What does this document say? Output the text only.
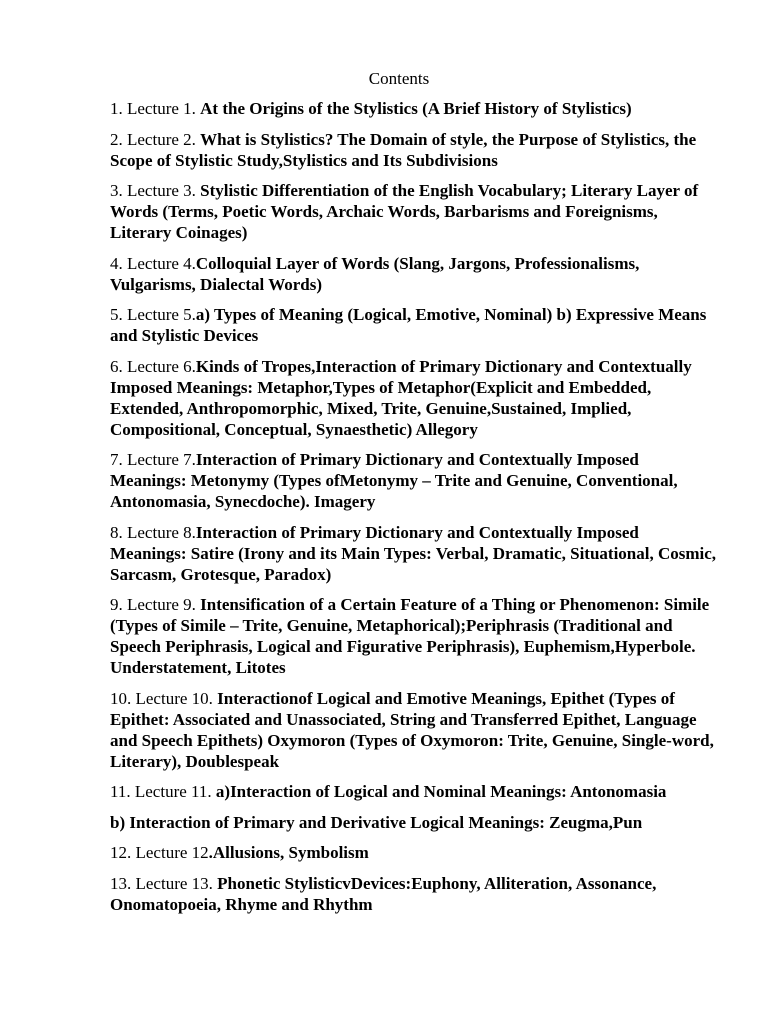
Contents
1. Lecture 1. At the Origins of the Stylistics (A Brief History of Stylistics)
2. Lecture 2. What is Stylistics? The Domain of style, the Purpose of Stylistics, the Scope of Stylistic Study,Stylistics and Its Subdivisions
3. Lecture 3. Stylistic Differentiation of the English Vocabulary; Literary Layer of Words (Terms, Poetic Words, Archaic Words, Barbarisms and Foreignisms, Literary Coinages)
4. Lecture 4.Colloquial Layer of Words (Slang, Jargons, Professionalisms, Vulgarisms, Dialectal Words)
5. Lecture 5.a) Types of Meaning (Logical, Emotive, Nominal) b) Expressive Means and Stylistic Devices
6. Lecture 6.Kinds of Tropes,Interaction of Primary Dictionary and Contextually Imposed Meanings: Metaphor,Types of Metaphor(Explicit and Embedded, Extended, Anthropomorphic, Mixed, Trite, Genuine,Sustained, Implied, Compositional, Conceptual, Synaesthetic) Allegory
7. Lecture 7.Interaction of Primary Dictionary and Contextually Imposed Meanings: Metonymy (Types ofMetonymy – Trite and Genuine, Conventional, Antonomasia, Synecdoche). Imagery
8. Lecture 8.Interaction of Primary Dictionary and Contextually Imposed Meanings: Satire (Irony and its Main Types: Verbal, Dramatic, Situational, Cosmic, Sarcasm, Grotesque, Paradox)
9. Lecture 9. Intensification of a Certain Feature of a Thing or Phenomenon: Simile (Types of Simile – Trite, Genuine, Metaphorical);Periphrasis (Traditional and Speech Periphrasis, Logical and Figurative Periphrasis), Euphemism,Hyperbole. Understatement, Litotes
10. Lecture 10. Interactionof Logical and Emotive Meanings, Epithet (Types of Epithet: Associated and Unassociated, String and Transferred Epithet, Language and Speech Epithets) Oxymoron (Types of Oxymoron: Trite, Genuine, Single-word, Literary), Doublespeak
11. Lecture 11. a)Interaction of Logical and Nominal Meanings: Antonomasia
b) Interaction of Primary and Derivative Logical Meanings: Zeugma,Pun
12. Lecture 12.Allusions, Symbolism
13. Lecture 13. Phonetic StylisticvDevices:Euphony, Alliteration, Assonance, Onomatopoeia, Rhyme and Rhythm
